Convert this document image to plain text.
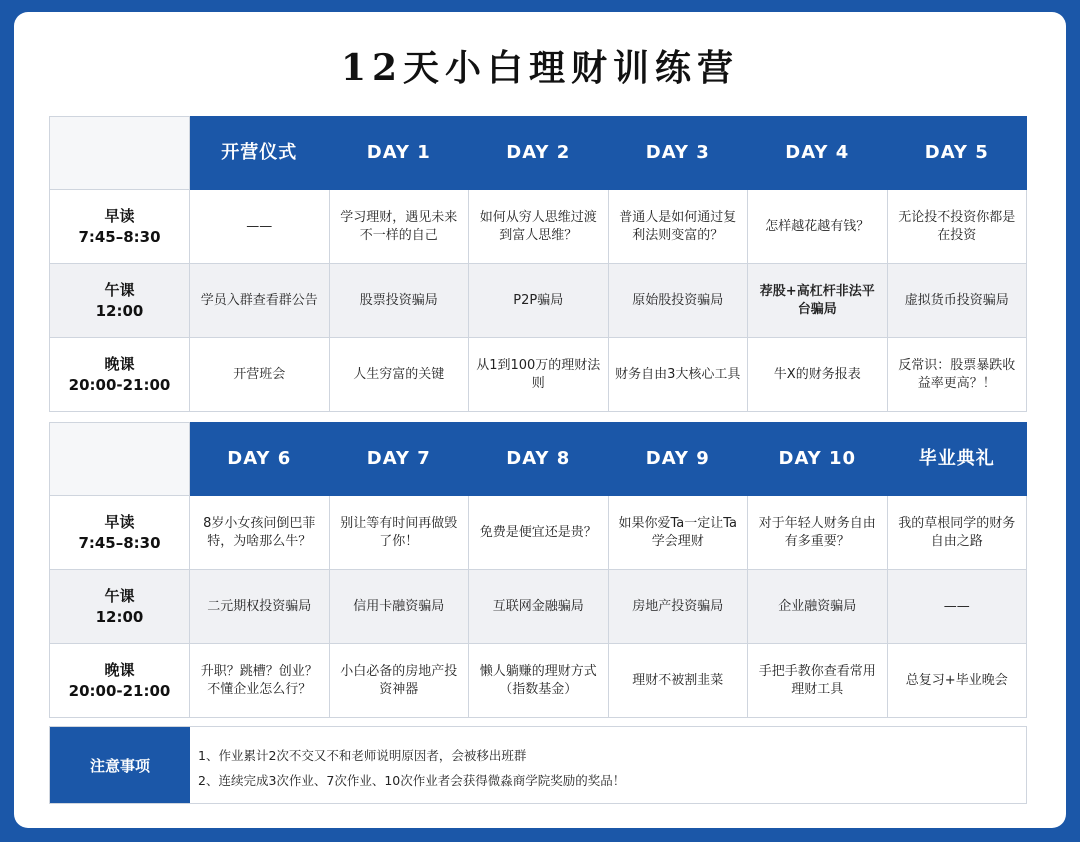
12天小白理财训练营
	开营仪式	DAY 1	DAY 2	DAY 3	DAY 4	DAY 5

早读
7:45–8:30	——	学习理财，遇见未来不一样的自己	如何从穷人思维过渡到富人思维？	普通人是如何通过复利法则变富的？	怎样越花越有钱？	无论投不投资你都是在投资

午课
12:00	学员入群查看群公告	股票投资骗局	P2P骗局	原始股投资骗局	荐股+高杠杆非法平台骗局	虚拟货币投资骗局

晚课
20:00-21:00	开营班会	人生穷富的关键	从1到100万的理财法则	财务自由3大核心工具	牛X的财务报表	反常识：股票暴跌收益率更高？！
	DAY 6	DAY 7	DAY 8	DAY 9	DAY 10	毕业典礼

早读
7:45–8:30	8岁小女孩问倒巴菲特，为啥那么牛？	别让等有时间再做毁了你！	免费是便宜还是贵？	如果你爱Ta一定让Ta学会理财	对于年轻人财务自由有多重要？	我的草根同学的财务自由之路

午课
12:00	二元期权投资骗局	信用卡融资骗局	互联网金融骗局	房地产投资骗局	企业融资骗局	——

晚课
20:00-21:00	升职？跳槽？创业？不懂企业怎么行？	小白必备的房地产投资神器	懒人躺赚的理财方式（指数基金）	理财不被割韭菜	手把手教你查看常用理财工具	总复习+毕业晚会
注意事项
1、作业累计2次不交又不和老师说明原因者，会被移出班群
2、连续完成3次作业、7次作业、10次作业者会获得微淼商学院奖励的奖品！
